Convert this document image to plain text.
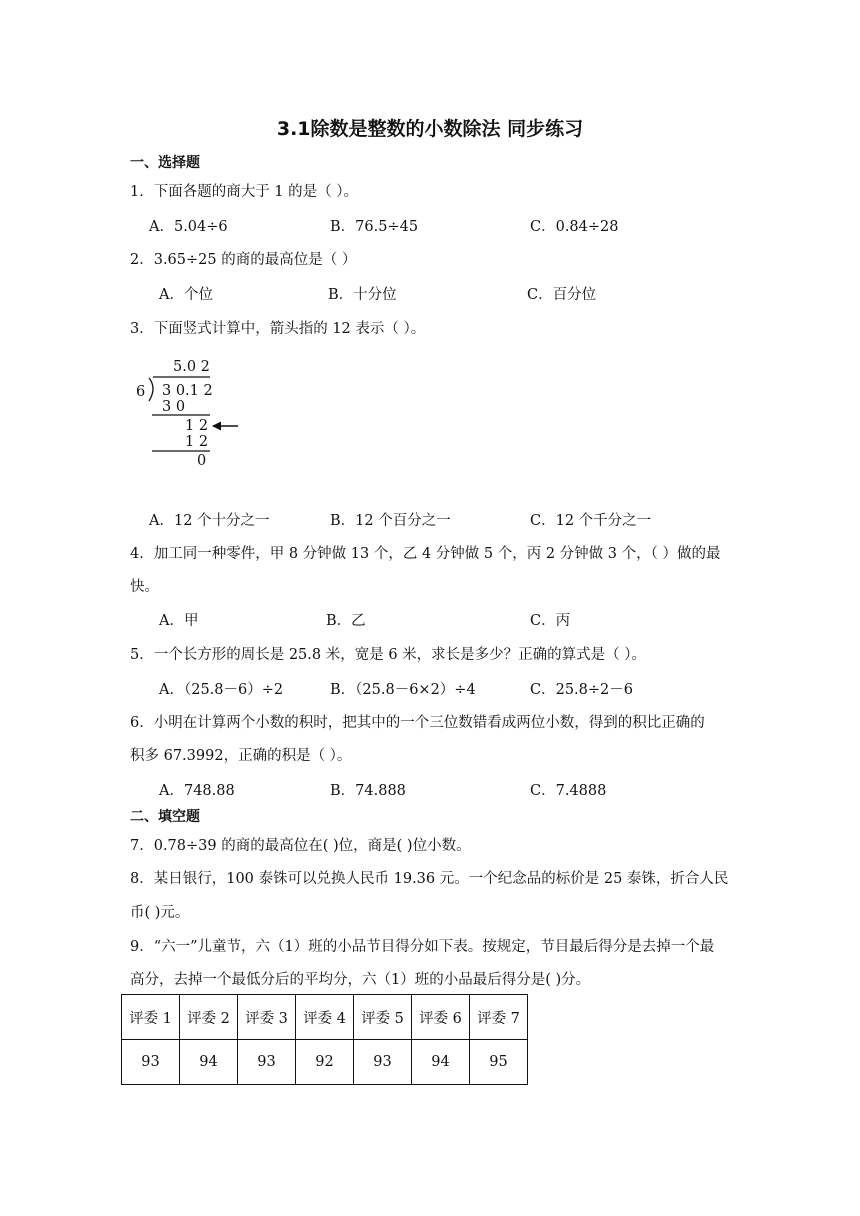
3.1除数是整数的小数除法 同步练习
一、选择题
1．下面各题的商大于 1 的是（ ）。
A．5.04÷6	B．76.5÷45	C．0.84÷28
2．3.65÷25 的商的最高位是（ ）
A．个位	B．十分位	C．百分位
3．下面竖式计算中，箭头指的 12 表示（ ）。
5.0 2
6 3 0.1 2
3 0
1 2
1 2
0
A．12 个十分之一	B．12 个百分之一	C．12 个千分之一
4．加工同一种零件，甲 8 分钟做 13 个，乙 4 分钟做 5 个，丙 2 分钟做 3 个，（ ）做的最
快。
A．甲	B．乙	C．丙
5．一个长方形的周长是 25.8 米，宽是 6 米，求长是多少？正确的算式是（ ）。
A．（25.8－6）÷2	B．（25.8－6×2）÷4	C．25.8÷2－6
6．小明在计算两个小数的积时，把其中的一个三位数错看成两位小数，得到的积比正确的
积多 67.3992，正确的积是（ ）。
A．748.88	B．74.888	C．7.4888
二、填空题
7．0.78÷39 的商的最高位在( )位，商是( )位小数。
8．某日银行，100 泰铢可以兑换人民币 19.36 元。一个纪念品的标价是 25 泰铢，折合人民
币( )元。
9．“六一”儿童节，六（1）班的小品节目得分如下表。按规定，节目最后得分是去掉一个最
高分，去掉一个最低分后的平均分，六（1）班的小品最后得分是( )分。
评委 1	评委 2	评委 3	评委 4	评委 5	评委 6	评委 7
93	94	93	92	93	94	95
